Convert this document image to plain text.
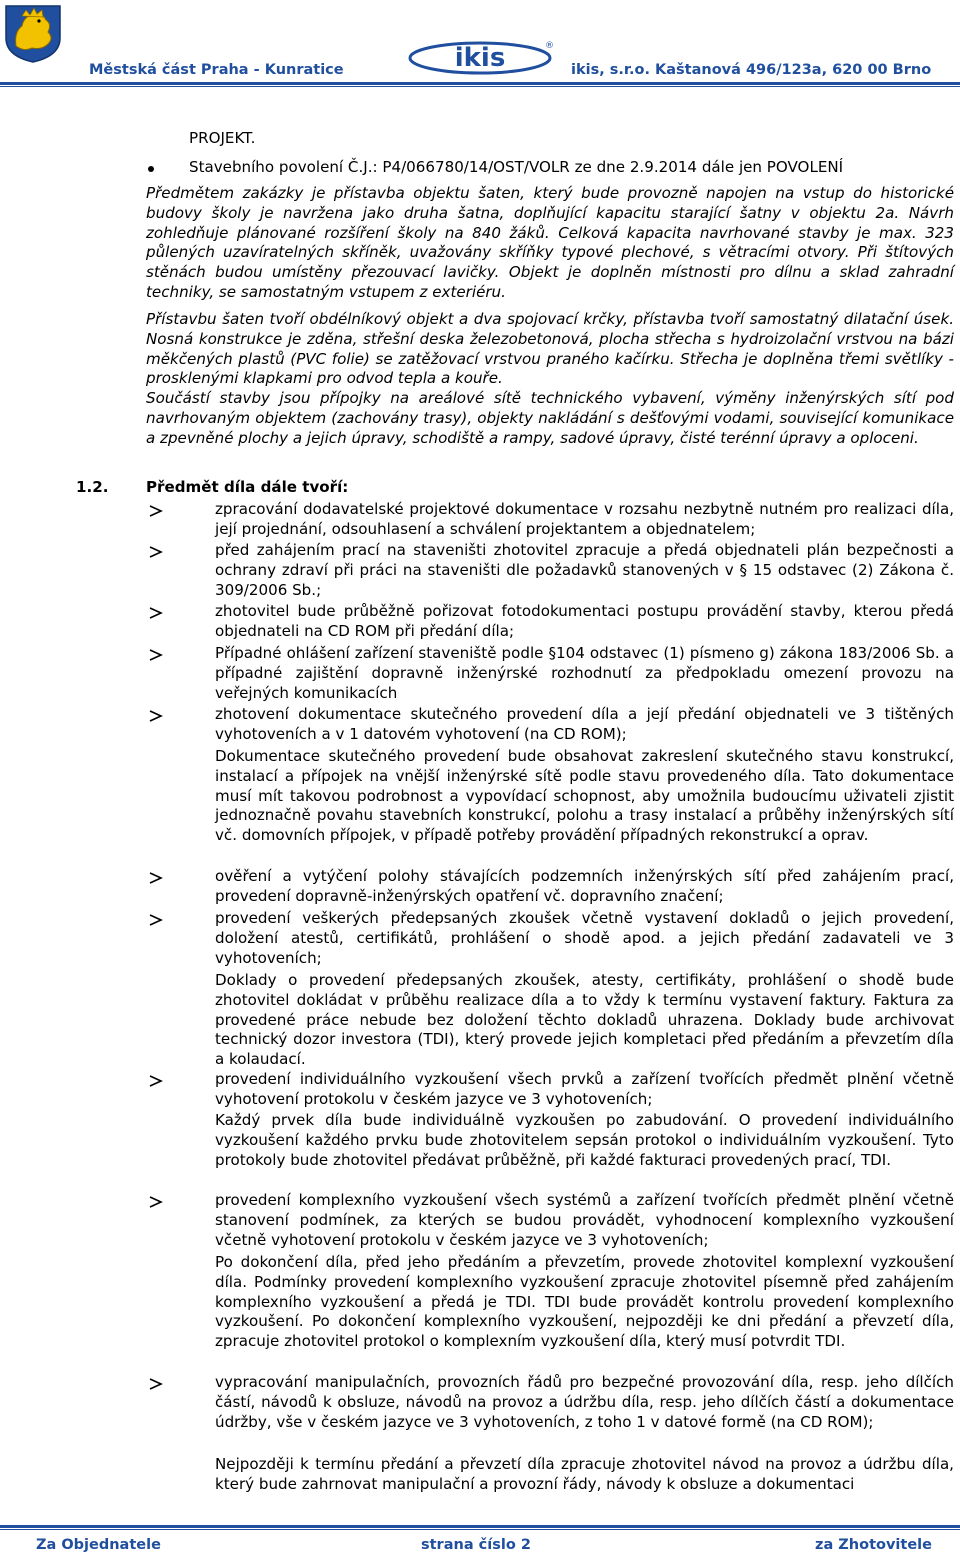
ikis	®
Městská část Praha - Kunratice	ikis, s.r.o. Kaštanová 496/123a, 620 00 Brno
PROJEKT.
Stavebního povolení Č.J.: P4/066780/14/OST/VOLR ze dne 2.9.2014 dále jen POVOLENÍ
Předmětem zakázky je přístavba objektu šaten, který bude provozně napojen na vstup do historické budovy školy je navržena jako druha šatna, doplňující kapacitu starající šatny v objektu 2a. Návrh zohledňuje plánované rozšíření školy na 840 žáků. Celková kapacita navrhované stavby je max. 323 půlených uzavíratelných skříněk, uvažovány skříňky typové plechové, s větracími otvory. Při štítových stěnách budou umístěny přezouvací lavičky. Objekt je doplněn místnosti pro dílnu a sklad zahradní techniky, se samostatným vstupem z exteriéru.
Přístavbu šaten tvoří obdélníkový objekt a dva spojovací krčky, přístavba tvoří samostatný dilatační úsek. Nosná konstrukce je zděna, střešní deska železobetonová, plocha střecha s hydroizolační vrstvou na bázi měkčených plastů (PVC folie) se zatěžovací vrstvou praného kačírku. Střecha je doplněna třemi světlíky - prosklenými klapkami pro odvod tepla a kouře.
Součástí stavby jsou přípojky na areálové sítě technického vybavení, výměny inženýrských sítí pod navrhovaným objektem (zachovány trasy), objekty nakládání s dešťovými vodami, související komunikace a zpevněné plochy a jejich úpravy, schodiště a rampy, sadové úpravy, čisté terénní úpravy a oploceni.
1.2. Předmět díla dále tvoří:
zpracování dodavatelské projektové dokumentace v rozsahu nezbytně nutném pro realizaci díla, její projednání, odsouhlasení a schválení projektantem a objednatelem;
před zahájením prací na staveništi zhotovitel zpracuje a předá objednateli plán bezpečnosti a ochrany zdraví při práci na staveništi dle požadavků stanovených v § 15 odstavec (2) Zákona č. 309/2006 Sb.;
zhotovitel bude průběžně pořizovat fotodokumentaci postupu provádění stavby, kterou předá objednateli na CD ROM při předání díla;
Případné ohlášení zařízení staveniště podle §104 odstavec (1) písmeno g) zákona 183/2006 Sb. a případné zajištění dopravně inženýrské rozhodnutí za předpokladu omezení provozu na veřejných komunikacích
zhotovení dokumentace skutečného provedení díla a její předání objednateli ve 3 tištěných vyhotoveních a v 1 datovém vyhotovení (na CD ROM);
Dokumentace skutečného provedení bude obsahovat zakreslení skutečného stavu konstrukcí, instalací a přípojek na vnější inženýrské sítě podle stavu provedeného díla. Tato dokumentace musí mít takovou podrobnost a vypovídací schopnost, aby umožnila budoucímu uživateli zjistit jednoznačně povahu stavebních konstrukcí, polohu a trasy instalací a průběhy inženýrských sítí vč. domovních přípojek, v případě potřeby provádění případných rekonstrukcí a oprav.
ověření a vytýčení polohy stávajících podzemních inženýrských sítí před zahájením prací, provedení dopravně-inženýrských opatření vč. dopravního značení;
provedení veškerých předepsaných zkoušek včetně vystavení dokladů o jejich provedení, doložení atestů, certifikátů, prohlášení o shodě apod. a jejich předání zadavateli ve 3 vyhotoveních;
Doklady o provedení předepsaných zkoušek, atesty, certifikáty, prohlášení o shodě bude zhotovitel dokládat v průběhu realizace díla a to vždy k termínu vystavení faktury. Faktura za provedené práce nebude bez doložení těchto dokladů uhrazena. Doklady bude archivovat technický dozor investora (TDI), který provede jejich kompletaci před předáním a převzetím díla a kolaudací.
provedení individuálního vyzkoušení všech prvků a zařízení tvořících předmět plnění včetně vyhotovení protokolu v českém jazyce ve 3 vyhotoveních;
Každý prvek díla bude individuálně vyzkoušen po zabudování. O provedení individuálního vyzkoušení každého prvku bude zhotovitelem sepsán protokol o individuálním vyzkoušení. Tyto protokoly bude zhotovitel předávat průběžně, při každé fakturaci provedených prací, TDI.
provedení komplexního vyzkoušení všech systémů a zařízení tvořících předmět plnění včetně stanovení podmínek, za kterých se budou provádět, vyhodnocení komplexního vyzkoušení včetně vyhotovení protokolu v českém jazyce ve 3 vyhotoveních;
Po dokončení díla, před jeho předáním a převzetím, provede zhotovitel komplexní vyzkoušení díla. Podmínky provedení komplexního vyzkoušení zpracuje zhotovitel písemně před zahájením komplexního vyzkoušení a předá je TDI. TDI bude provádět kontrolu provedení komplexního vyzkoušení. Po dokončení komplexního vyzkoušení, nejpozději ke dni předání a převzetí díla, zpracuje zhotovitel protokol o komplexním vyzkoušení díla, který musí potvrdit TDI.
vypracování manipulačních, provozních řádů pro bezpečné provozování díla, resp. jeho dílčích částí, návodů k obsluze, návodů na provoz a údržbu díla, resp. jeho dílčích částí a dokumentace údržby, vše v českém jazyce ve 3 vyhotoveních, z toho 1 v datové formě (na CD ROM);
Nejpozději k termínu předání a převzetí díla zpracuje zhotovitel návod na provoz a údržbu díla, který bude zahrnovat manipulační a provozní řády, návody k obsluze a dokumentaci
Za Objednatele	strana číslo 2	za Zhotovitele
